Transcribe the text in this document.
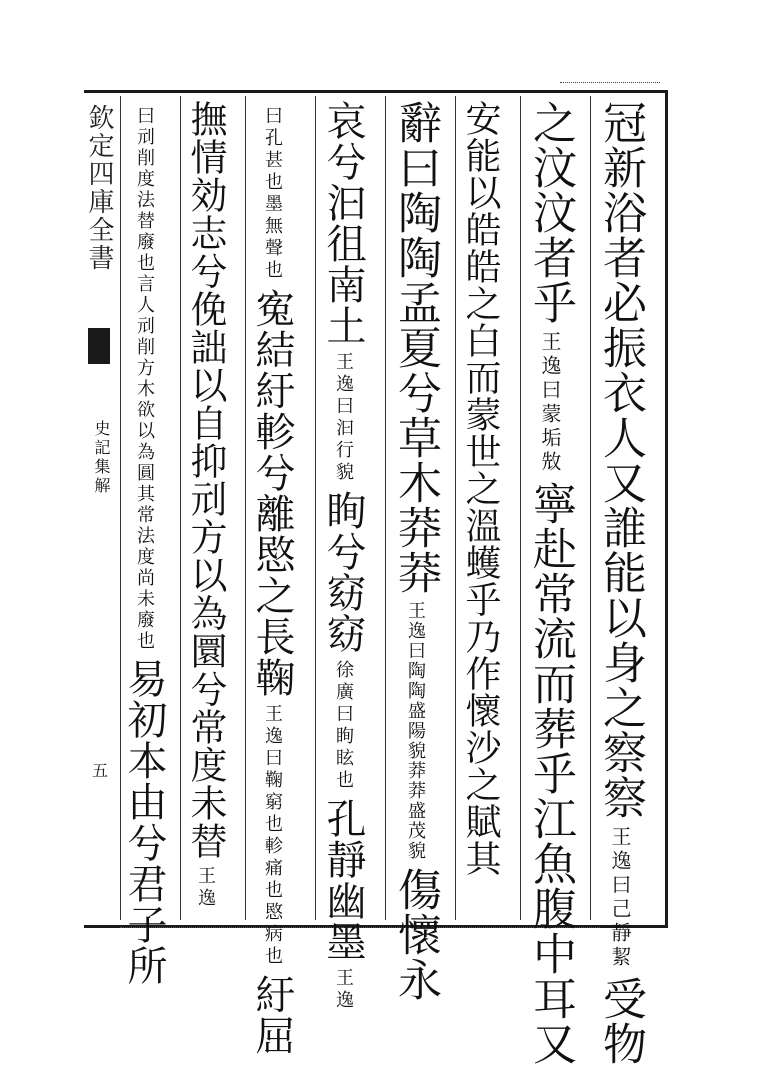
欽定四庫全書
史記集解
五	冠新浴者必振衣人又誰能以身之察察王逸曰己靜絜受物
之汶汶者乎王逸曰蒙垢㪇寧赴常流而葬乎江魚腹中耳又
安能以皓皓之白而蒙世之溫蠖乎乃作懷沙之賦其
辭曰陶陶孟夏兮草木莽莽王逸曰陶陶盛陽貌莽莽盛茂貌傷懷永
哀兮汩徂南土王逸曰汩行貌眴兮窈窈徐廣曰眴眩也孔靜幽墨王逸
曰孔甚也墨無聲也寃結紆軫兮離愍之長鞠王逸曰鞠窮也軫痛也愍病也紆屈
撫情効志兮俛詘以自抑刓方以為圜兮常度未替王逸
曰刓削度法替廢也言人刓削方木欲以為圓其常法度尚未廢也易初本由兮君子所
